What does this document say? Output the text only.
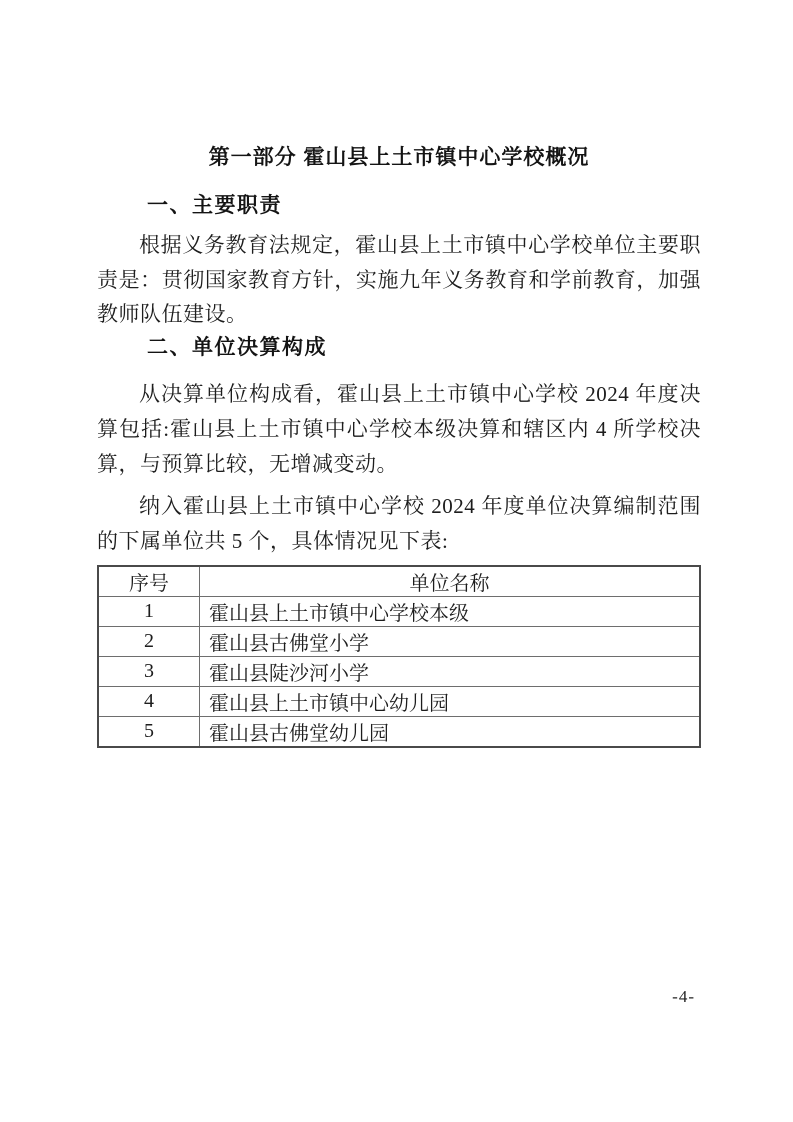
第一部分 霍山县上土市镇中心学校概况
一、主要职责
根据义务教育法规定，霍山县上土市镇中心学校单位主要职
责是：贯彻国家教育方针，实施九年义务教育和学前教育，加强
教师队伍建设。
二、单位决算构成
从决算单位构成看，霍山县上土市镇中心学校 2024 年度决
算包括:霍山县上土市镇中心学校本级决算和辖区内 4 所学校决
算，与预算比较，无增减变动。
纳入霍山县上土市镇中心学校 2024 年度单位决算编制范围
的下属单位共 5 个，具体情况见下表:
序号	单位名称
1	霍山县上土市镇中心学校本级
2	霍山县古佛堂小学
3	霍山县陡沙河小学
4	霍山县上土市镇中心幼儿园
5	霍山县古佛堂幼儿园
-4-
